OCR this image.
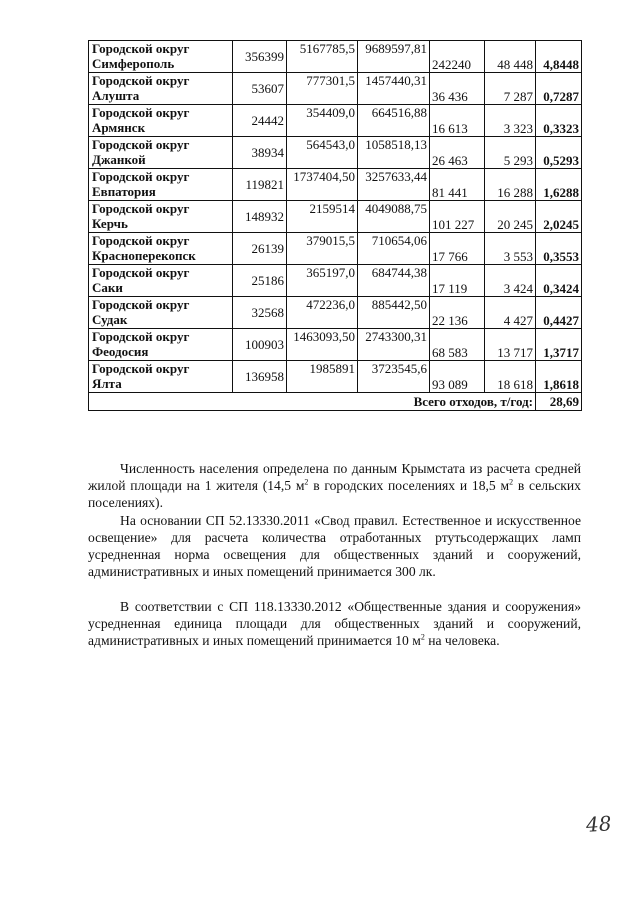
Городской округ
Симферополь	356399	5167785,5	9689597,81	242240	48 448	4,8448

Городской округ
Алушта	53607	777301,5	1457440,31	36 436	7 287	0,7287

Городской округ
Армянск	24442	354409,0	664516,88	16 613	3 323	0,3323

Городской округ
Джанкой	38934	564543,0	1058518,13	26 463	5 293	0,5293

Городской округ
Евпатория	119821	1737404,50	3257633,44	81 441	16 288	1,6288

Городской округ
Керчь	148932	2159514	4049088,75	101 227	20 245	2,0245

Городской округ
Красноперекопск	26139	379015,5	710654,06	17 766	3 553	0,3553

Городской округ
Саки	25186	365197,0	684744,38	17 119	3 424	0,3424

Городской округ
Судак	32568	472236,0	885442,50	22 136	4 427	0,4427

Городской округ
Феодосия	100903	1463093,50	2743300,31	68 583	13 717	1,3717

Городской округ
Ялта	136958	1985891	3723545,6	93 089	18 618	1,8618
Всего отходов, т/год:						28,69
Численность населения определена по данным Крымстата из расчета средней жилой площади на 1 жителя (14,5 $м^2$ в городских поселениях и 18,5 $м^2$ в сельских поселениях).
На основании СП 52.13330.2011 «Свод правил. Естественное и искусственное освещение» для расчета количества отработанных ртутьсодержащих ламп усредненная норма освещения для общественных зданий и сооружений, административных и иных помещений принимается 300 лк.
В соответствии с СП 118.13330.2012 «Общественные здания и сооружения» усредненная единица площади для общественных зданий и сооружений, административных и иных помещений принимается 10 $м^2$ на человека.
48
